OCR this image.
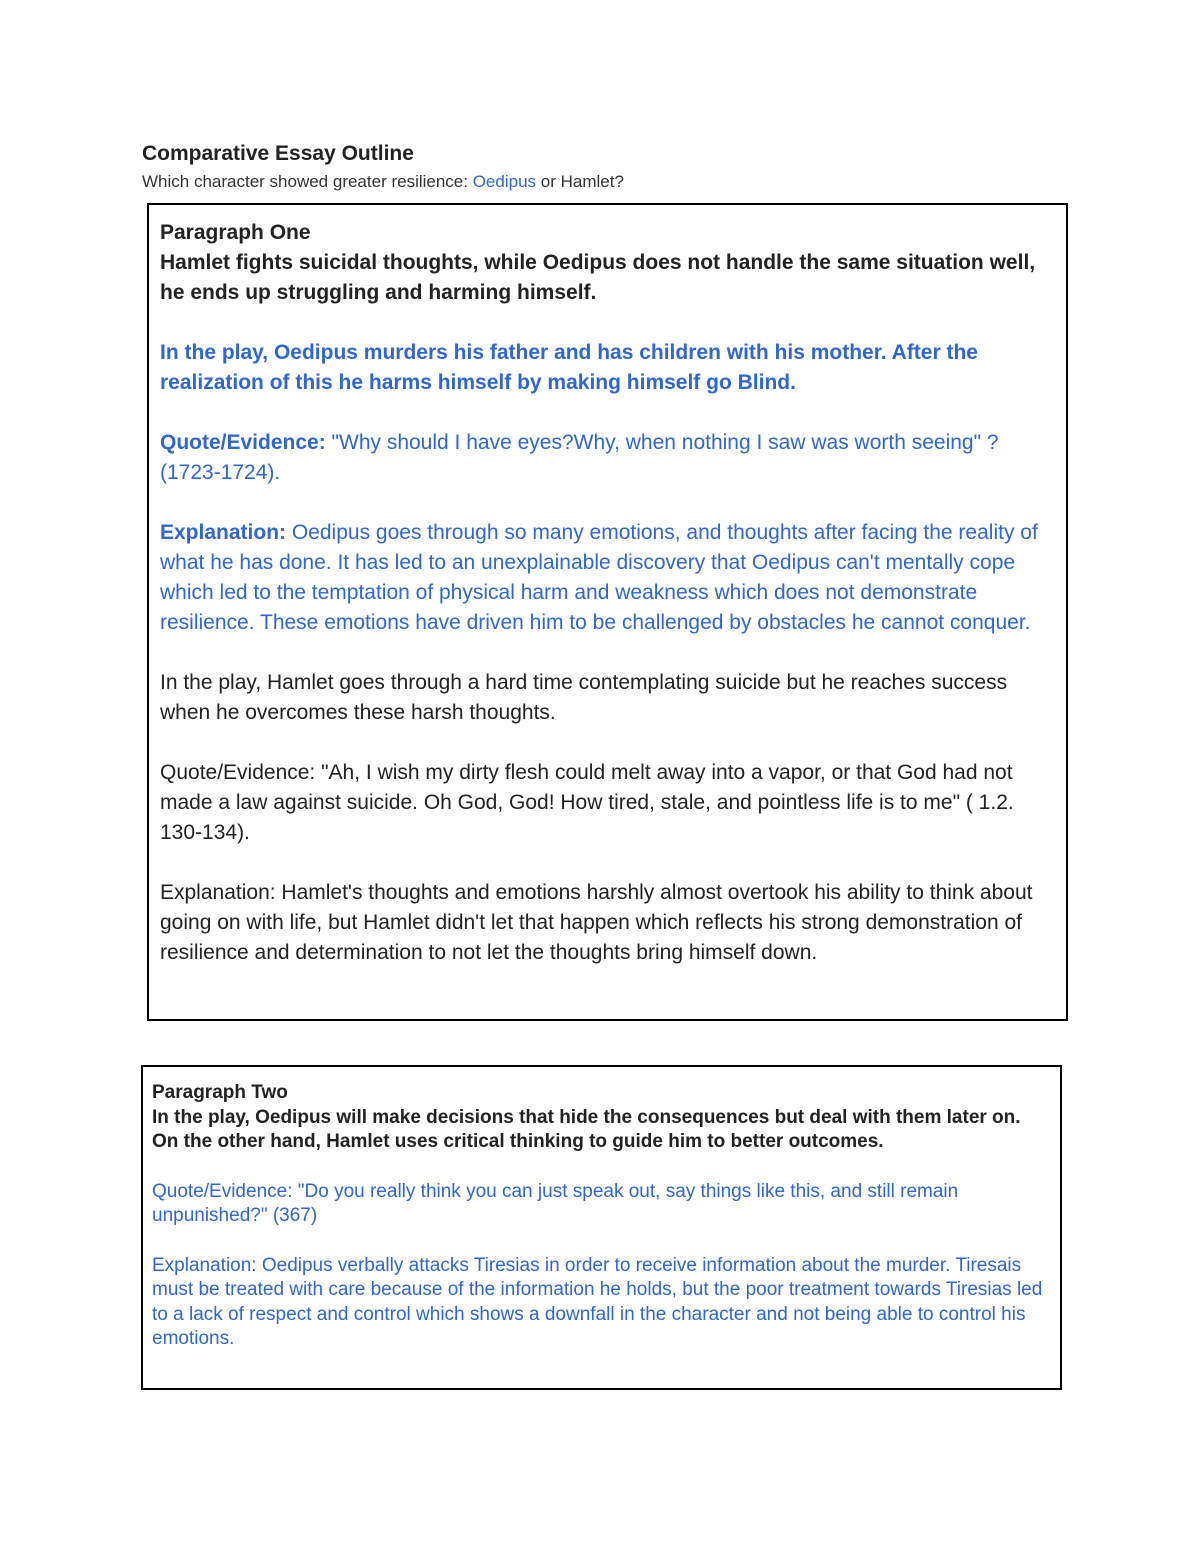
Comparative Essay Outline
Which character showed greater resilience: Oedipus or Hamlet?

Paragraph One

Hamlet fights suicidal thoughts, while Oedipus does not handle the same situation well, he ends up struggling and harming himself.

In the play, Oedipus murders his father and has children with his mother. After the realization of this he harms himself by making himself go Blind.

Quote/Evidence: "Why should I have eyes?Why, when nothing I saw was worth seeing" ? (1723-1724).

Explanation: Oedipus goes through so many emotions, and thoughts after facing the reality of what he has done. It has led to an unexplainable discovery that Oedipus can't mentally cope which led to the temptation of physical harm and weakness which does not demonstrate resilience. These emotions have driven him to be challenged by obstacles he cannot conquer.

In the play, Hamlet goes through a hard time contemplating suicide but he reaches success when he overcomes these harsh thoughts.

Quote/Evidence: "Ah, I wish my dirty flesh could melt away into a vapor, or that God had not made a law against suicide. Oh God, God! How tired, stale, and pointless life is to me" ( 1.2. 130-134).

Explanation: Hamlet's thoughts and emotions harshly almost overtook his ability to think about going on with life, but Hamlet didn't let that happen which reflects his strong demonstration of resilience and determination to not let the thoughts bring himself down.

Paragraph Two

In the play, Oedipus will make decisions that hide the consequences but deal with them later on. On the other hand, Hamlet uses critical thinking to guide him to better outcomes.

Quote/Evidence: "Do you really think you can just speak out, say things like this, and still remain unpunished?" (367)

Explanation: Oedipus verbally attacks Tiresias in order to receive information about the murder. Tiresais must be treated with care because of the information he holds, but the poor treatment towards Tiresias led to a lack of respect and control which shows a downfall in the character and not being able to control his emotions.
